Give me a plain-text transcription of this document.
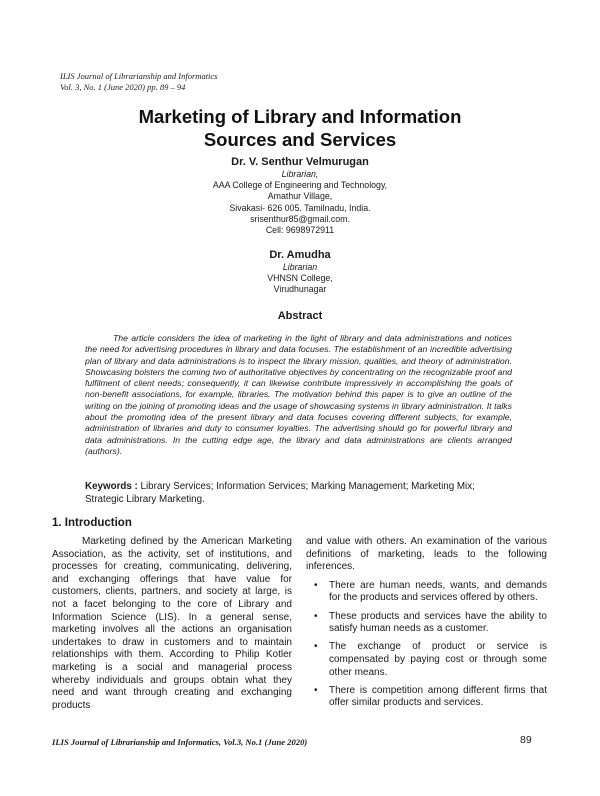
ILIS Journal of Librarianship and Informatics
Vol. 3, No. 1 (June 2020) pp. 89 – 94
Marketing of Library and Information
Sources and Services
Dr. V. Senthur Velmurugan
Librarian,
AAA College of Engineering and Technology,
Amathur Village,
Sivakasi- 626 005. Tamilnadu, India.
srisenthur85@gmail.com.
Cell: 9698972911
Dr. Amudha
Librarian
VHNSN College,
Virudhunagar
Abstract

The article considers the idea of marketing in the light of library and data administrations and notices the need for advertising procedures in library and data focuses. The establishment of an incredible advertising plan of library and data administrations is to inspect the library mission, qualities, and theory of administration. Showcasing bolsters the coming two of authoritative objectives by concentrating on the recognizable proof and fulfilment of client needs; consequently, it can likewise contribute impressively in accomplishing the goals of non-benefit associations, for example, libraries. The motivation behind this paper is to give an outline of the writing on the joining of promoting ideas and the usage of showcasing systems in library administration. It talks about the promoting idea of the present library and data focuses covering different subjects, for example, administration of libraries and duty to consumer loyalties. The advertising should go for powerful library and data administrations. In the cutting edge age, the library and data administrations are clients arranged (authors).

Keywords : Library Services; Information Services; Marking Management; Marketing Mix; Strategic Library Marketing.

1. Introduction

Marketing defined by the American Marketing Association, as the activity, set of institutions, and processes for creating, communicating, delivering, and exchanging offerings that have value for customers, clients, partners, and society at large, is not a facet belonging to the core of Library and Information Science (LIS). In a general sense, marketing involves all the actions an organisation undertakes to draw in customers and to maintain relationships with them. According to Philip Kotler marketing is a social and managerial process whereby individuals and groups obtain what they need and want through creating and exchanging products

and value with others. An examination of the various definitions of marketing, leads to the following inferences.

• There are human needs, wants, and demands for the products and services offered by others.
• These products and services have the ability to satisfy human needs as a customer.
• The exchange of product or service is compensated by paying cost or through some other means.
• There is competition among different firms that offer similar products and services.
ILIS Journal of Librarianship and Informatics, Vol.3, No.1 (June 2020)	89
